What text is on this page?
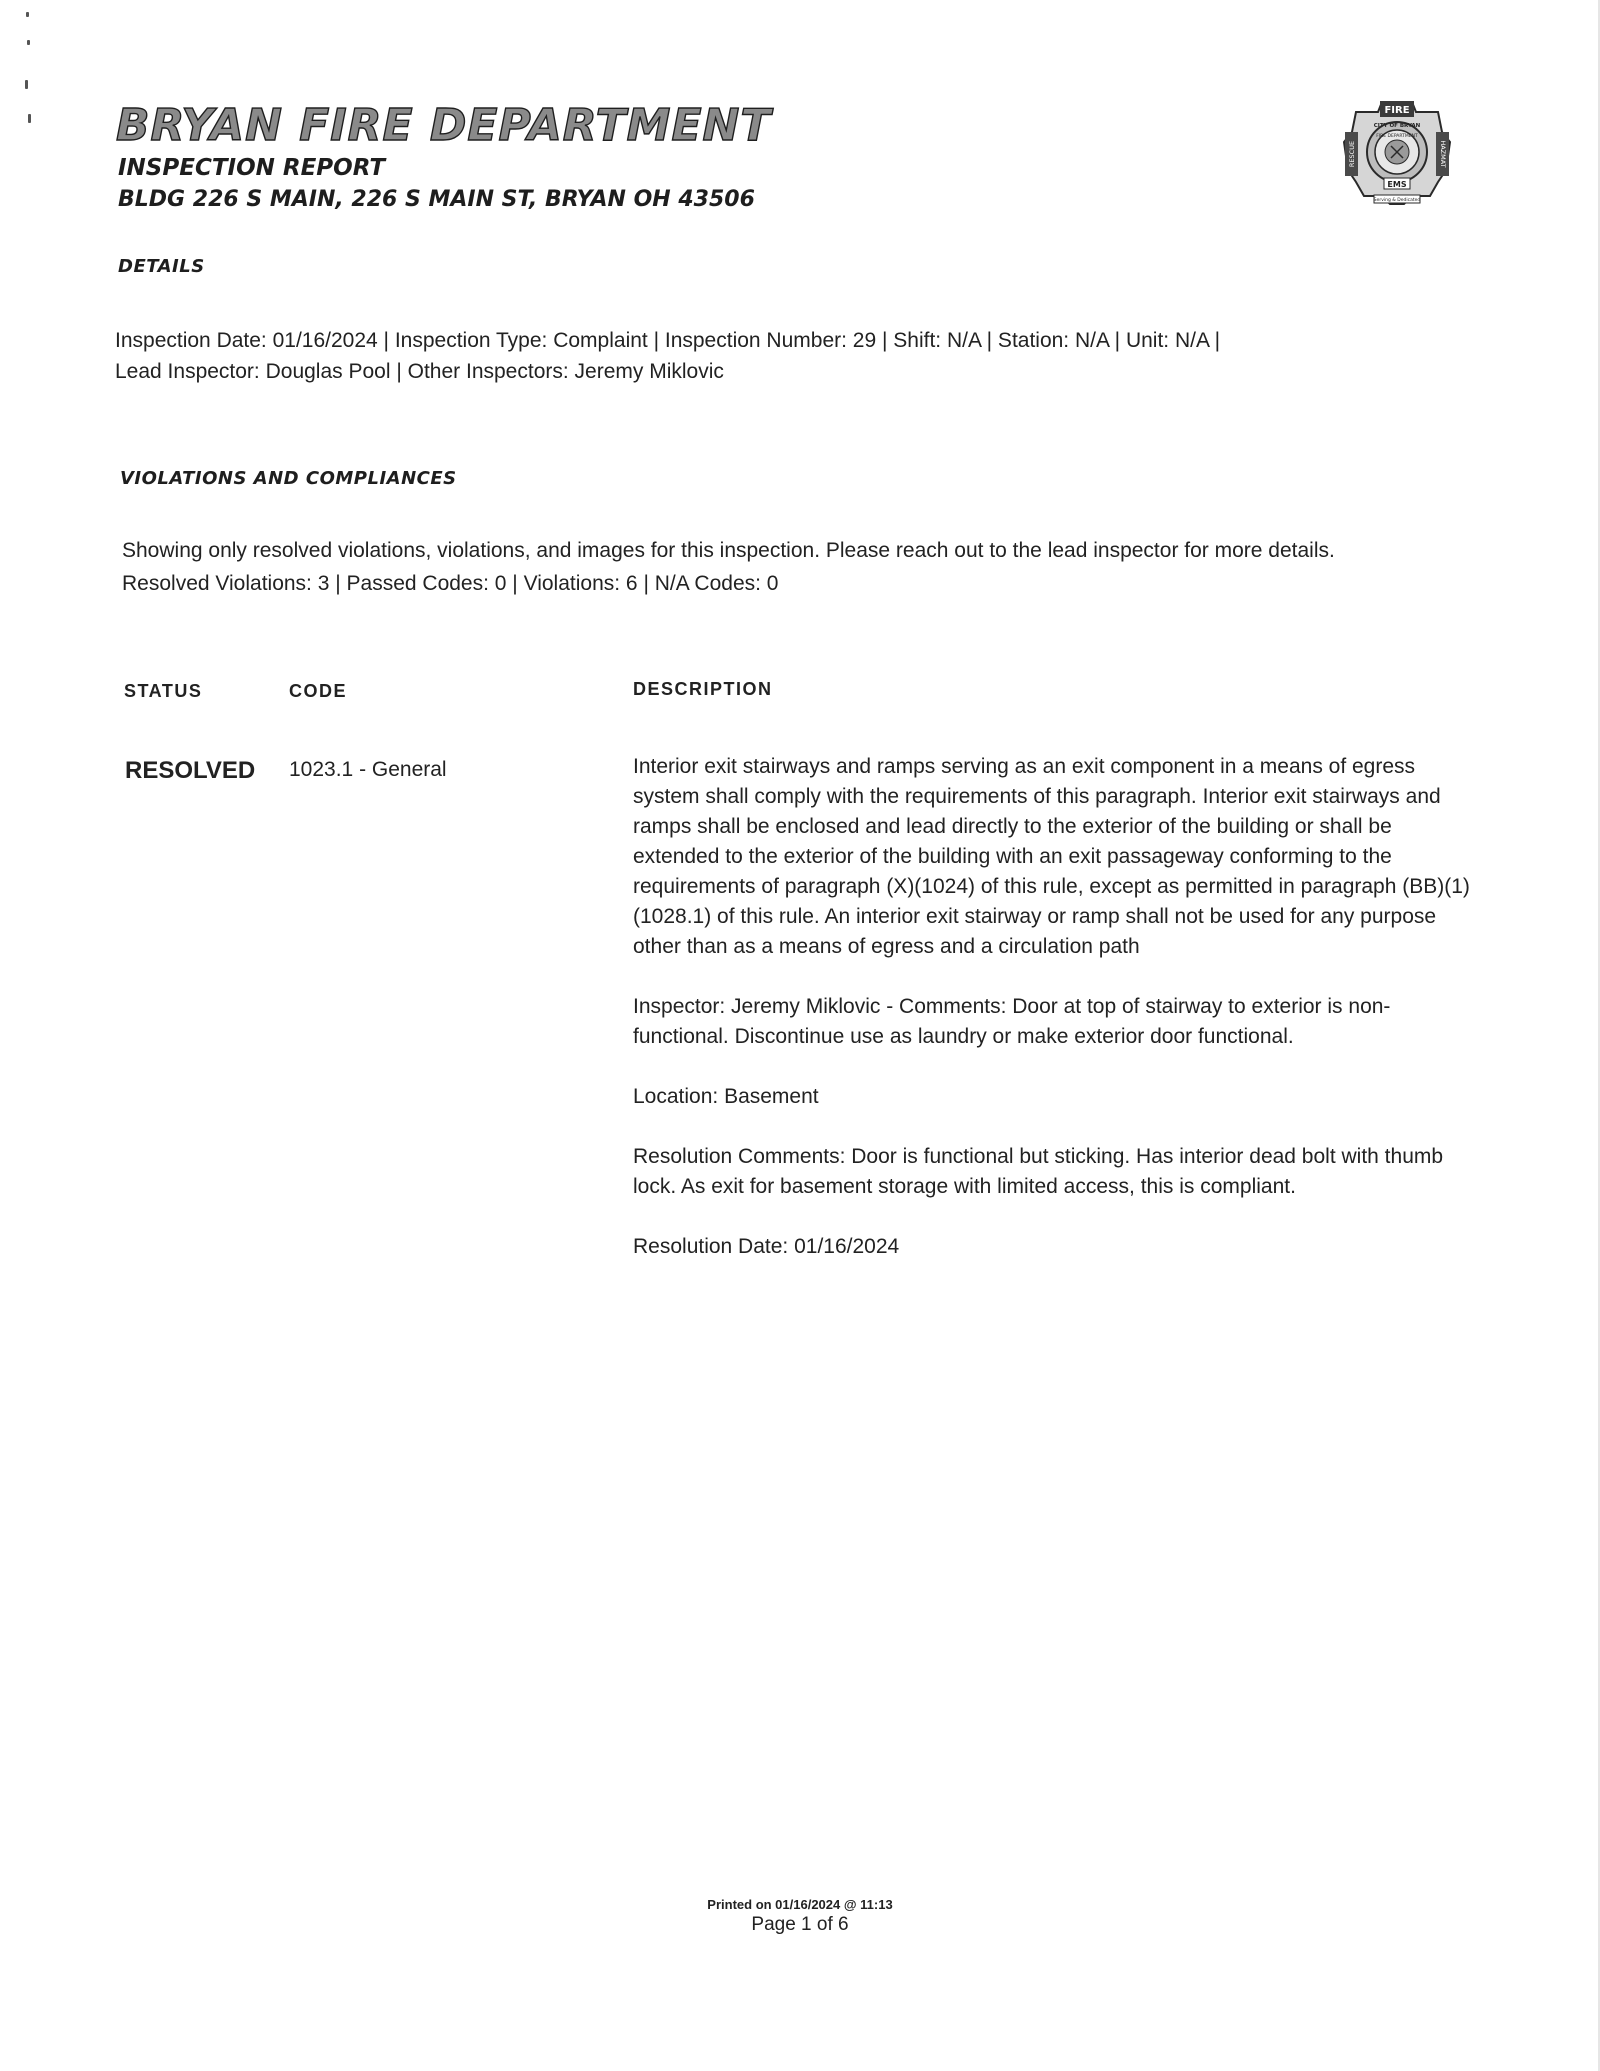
BRYAN FIRE DEPARTMENT
INSPECTION REPORT
BLDG 226 S MAIN, 226 S MAIN ST, BRYAN OH 43506
FIRE
RESCUE	HAZMAT
CITY OF BRYAN
FIRE DEPARTMENT
EMS
Serving & Dedicated
DETAILS
Inspection Date: 01/16/2024 | Inspection Type: Complaint | Inspection Number: 29 | Shift: N/A | Station: N/A | Unit: N/A |
Lead Inspector: Douglas Pool | Other Inspectors: Jeremy Miklovic
VIOLATIONS AND COMPLIANCES
Showing only resolved violations, violations, and images for this inspection. Please reach out to the lead inspector for more details.
Resolved Violations: 3 | Passed Codes: 0 | Violations: 6 | N/A Codes: 0
STATUS	CODE	DESCRIPTION
RESOLVED 1023.1 - General	Interior exit stairways and ramps serving as an exit component in a means of egress system shall comply with the requirements of this paragraph. Interior exit stairways and ramps shall be enclosed and lead directly to the exterior of the building or shall be extended to the exterior of the building with an exit passageway conforming to the requirements of paragraph (X)(1024) of this rule, except as permitted in paragraph (BB)(1)(1028.1) of this rule. An interior exit stairway or ramp shall not be used for any purpose other than as a means of egress and a circulation path

Inspector: Jeremy Miklovic - Comments: Door at top of stairway to exterior is non-functional. Discontinue use as laundry or make exterior door functional.

Location: Basement

Resolution Comments: Door is functional but sticking. Has interior dead bolt with thumb lock. As exit for basement storage with limited access, this is compliant.

Resolution Date: 01/16/2024

Printed on 01/16/2024 @ 11:13
Page 1 of 6
